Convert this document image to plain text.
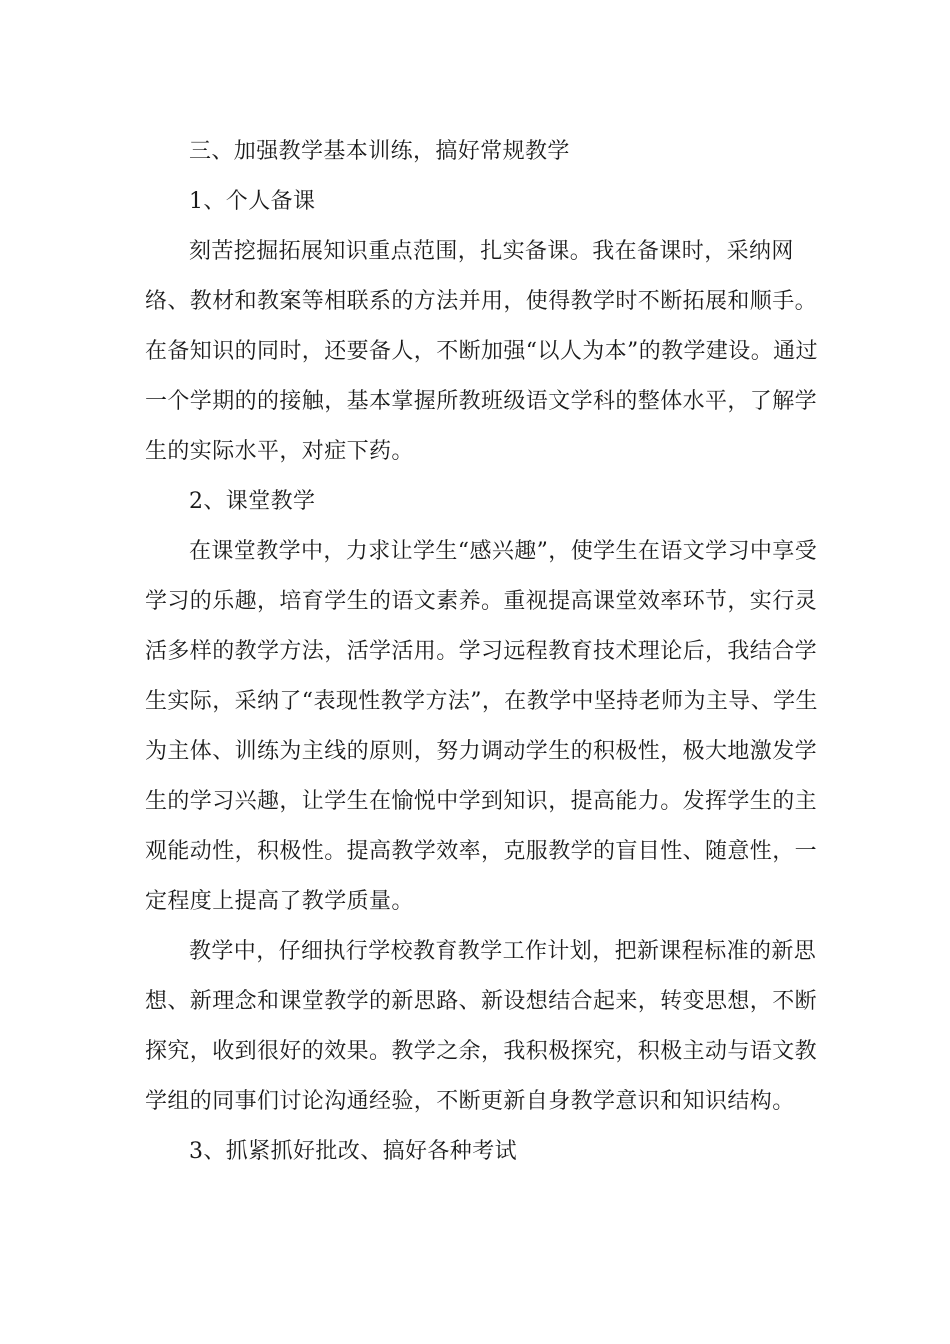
三、加强教学基本训练，搞好常规教学

1、个人备课

刻苦挖掘拓展知识重点范围，扎实备课。我在备课时，采纳网络、教材和教案等相联系的方法并用，使得教学时不断拓展和顺手。在备知识的同时，还要备人，不断加强“以人为本”的教学建设。通过一个学期的的接触，基本掌握所教班级语文学科的整体水平，了解学生的实际水平，对症下药。

2、课堂教学

在课堂教学中，力求让学生“感兴趣”，使学生在语文学习中享受学习的乐趣，培育学生的语文素养。重视提高课堂效率环节，实行灵活多样的教学方法，活学活用。学习远程教育技术理论后，我结合学生实际，采纳了“表现性教学方法”，在教学中坚持老师为主导、学生为主体、训练为主线的原则，努力调动学生的积极性，极大地激发学生的学习兴趣，让学生在愉悦中学到知识，提高能力。发挥学生的主观能动性，积极性。提高教学效率，克服教学的盲目性、随意性，一定程度上提高了教学质量。

教学中，仔细执行学校教育教学工作计划，把新课程标准的新思想、新理念和课堂教学的新思路、新设想结合起来，转变思想，不断探究，收到很好的效果。教学之余，我积极探究，积极主动与语文教学组的同事们讨论沟通经验，不断更新自身教学意识和知识结构。

3、抓紧抓好批改、搞好各种考试
